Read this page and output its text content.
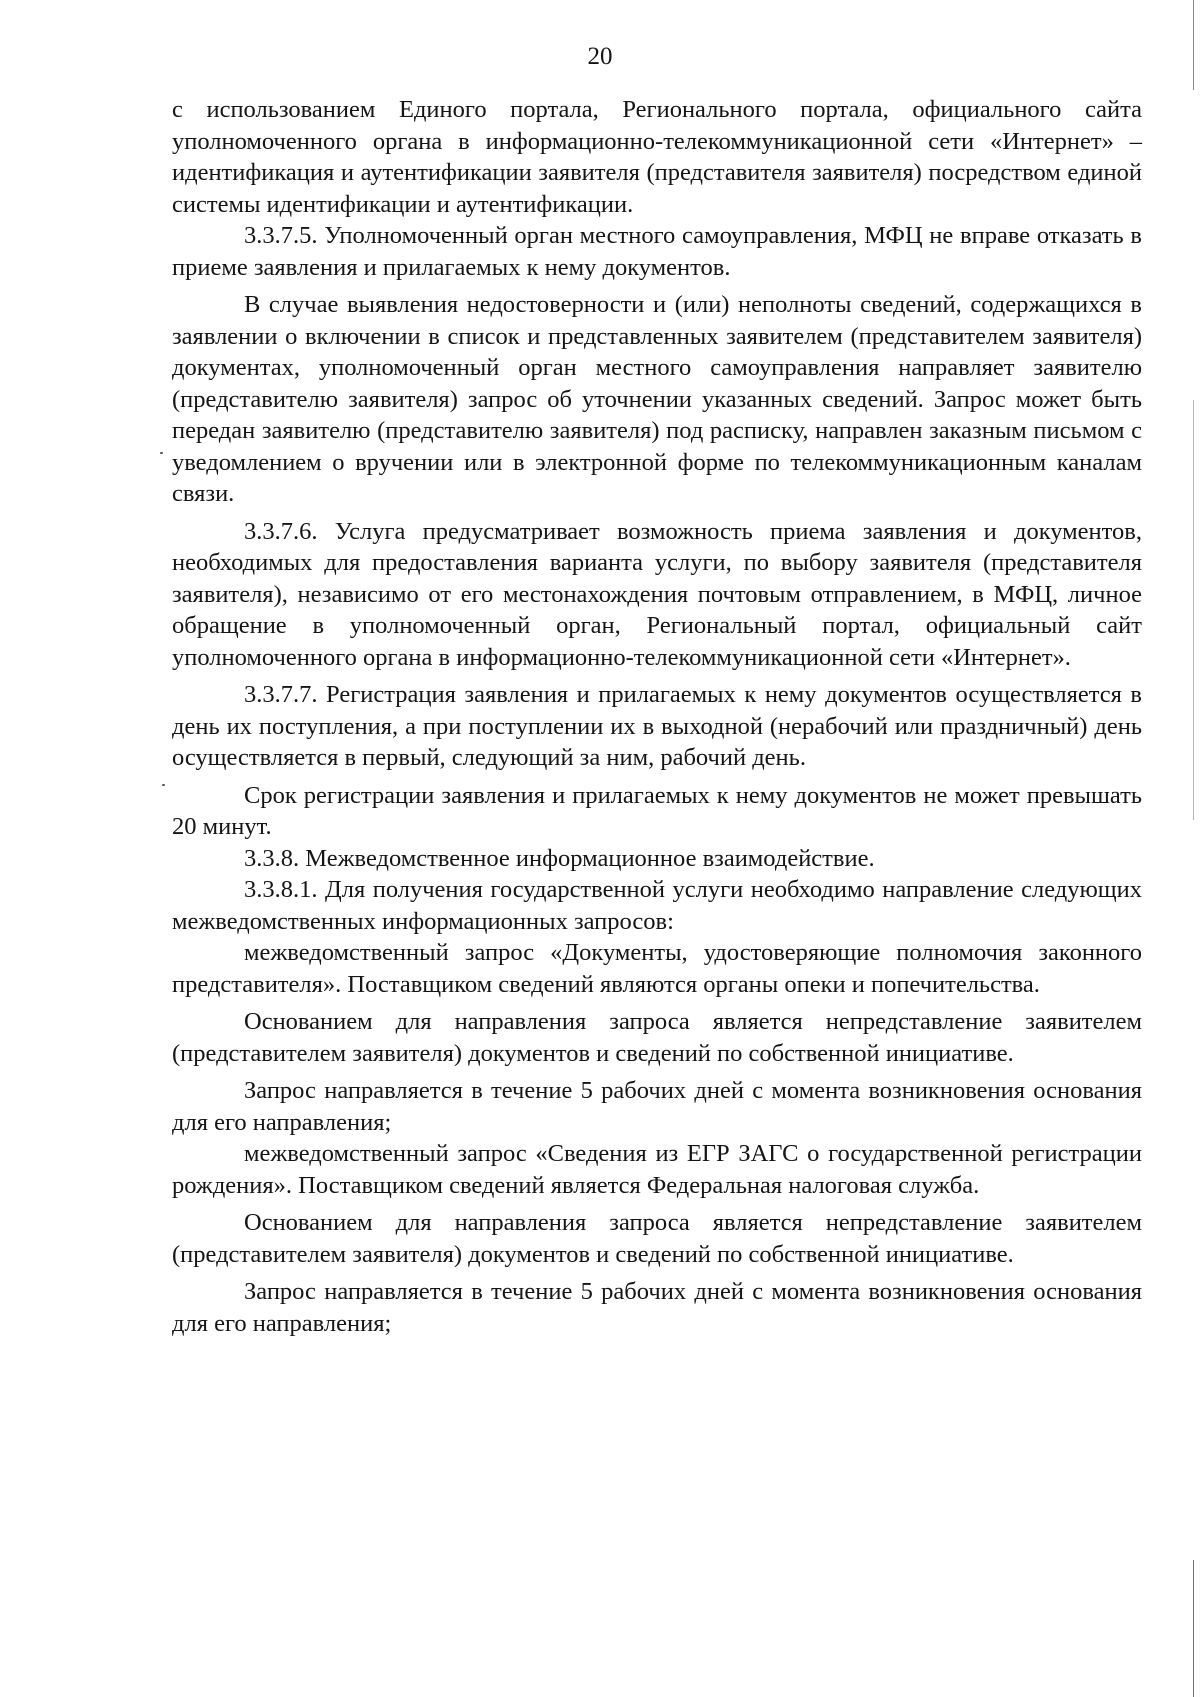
20

с использованием Единого портала, Регионального портала, официального сайта уполномоченного органа в информационно-телекоммуникационной сети «Интернет» – идентификация и аутентификации заявителя (представителя заявителя) посредством единой системы идентификации и аутентификации.

3.3.7.5. Уполномоченный орган местного самоуправления, МФЦ не вправе отказать в приеме заявления и прилагаемых к нему документов.

В случае выявления недостоверности и (или) неполноты сведений, содержащихся в заявлении о включении в список и представленных заявителем (представителем заявителя) документах, уполномоченный орган местного самоуправления направляет заявителю (представителю заявителя) запрос об уточнении указанных сведений. Запрос может быть передан заявителю (представителю заявителя) под расписку, направлен заказным письмом с уведомлением о вручении или в электронной форме по телекоммуникационным каналам связи.

3.3.7.6. Услуга предусматривает возможность приема заявления и документов, необходимых для предоставления варианта услуги, по выбору заявителя (представителя заявителя), независимо от его местонахождения почтовым отправлением, в МФЦ, личное обращение в уполномоченный орган, Региональный портал, официальный сайт уполномоченного органа в информационно-телекоммуникационной сети «Интернет».

3.3.7.7. Регистрация заявления и прилагаемых к нему документов осуществляется в день их поступления, а при поступлении их в выходной (нерабочий или праздничный) день осуществляется в первый, следующий за ним, рабочий день.

Срок регистрации заявления и прилагаемых к нему документов не может превышать 20 минут.

3.3.8. Межведомственное информационное взаимодействие.

3.3.8.1. Для получения государственной услуги необходимо направление следующих межведомственных информационных запросов:

межведомственный запрос «Документы, удостоверяющие полномочия законного представителя». Поставщиком сведений являются органы опеки и попечительства.

Основанием для направления запроса является непредставление заявителем (представителем заявителя) документов и сведений по собственной инициативе.

Запрос направляется в течение 5 рабочих дней с момента возникновения основания для его направления;

межведомственный запрос «Сведения из ЕГР ЗАГС о государственной регистрации рождения». Поставщиком сведений является Федеральная налоговая служба.

Основанием для направления запроса является непредставление заявителем (представителем заявителя) документов и сведений по собственной инициативе.

Запрос направляется в течение 5 рабочих дней с момента возникновения основания для его направления;
